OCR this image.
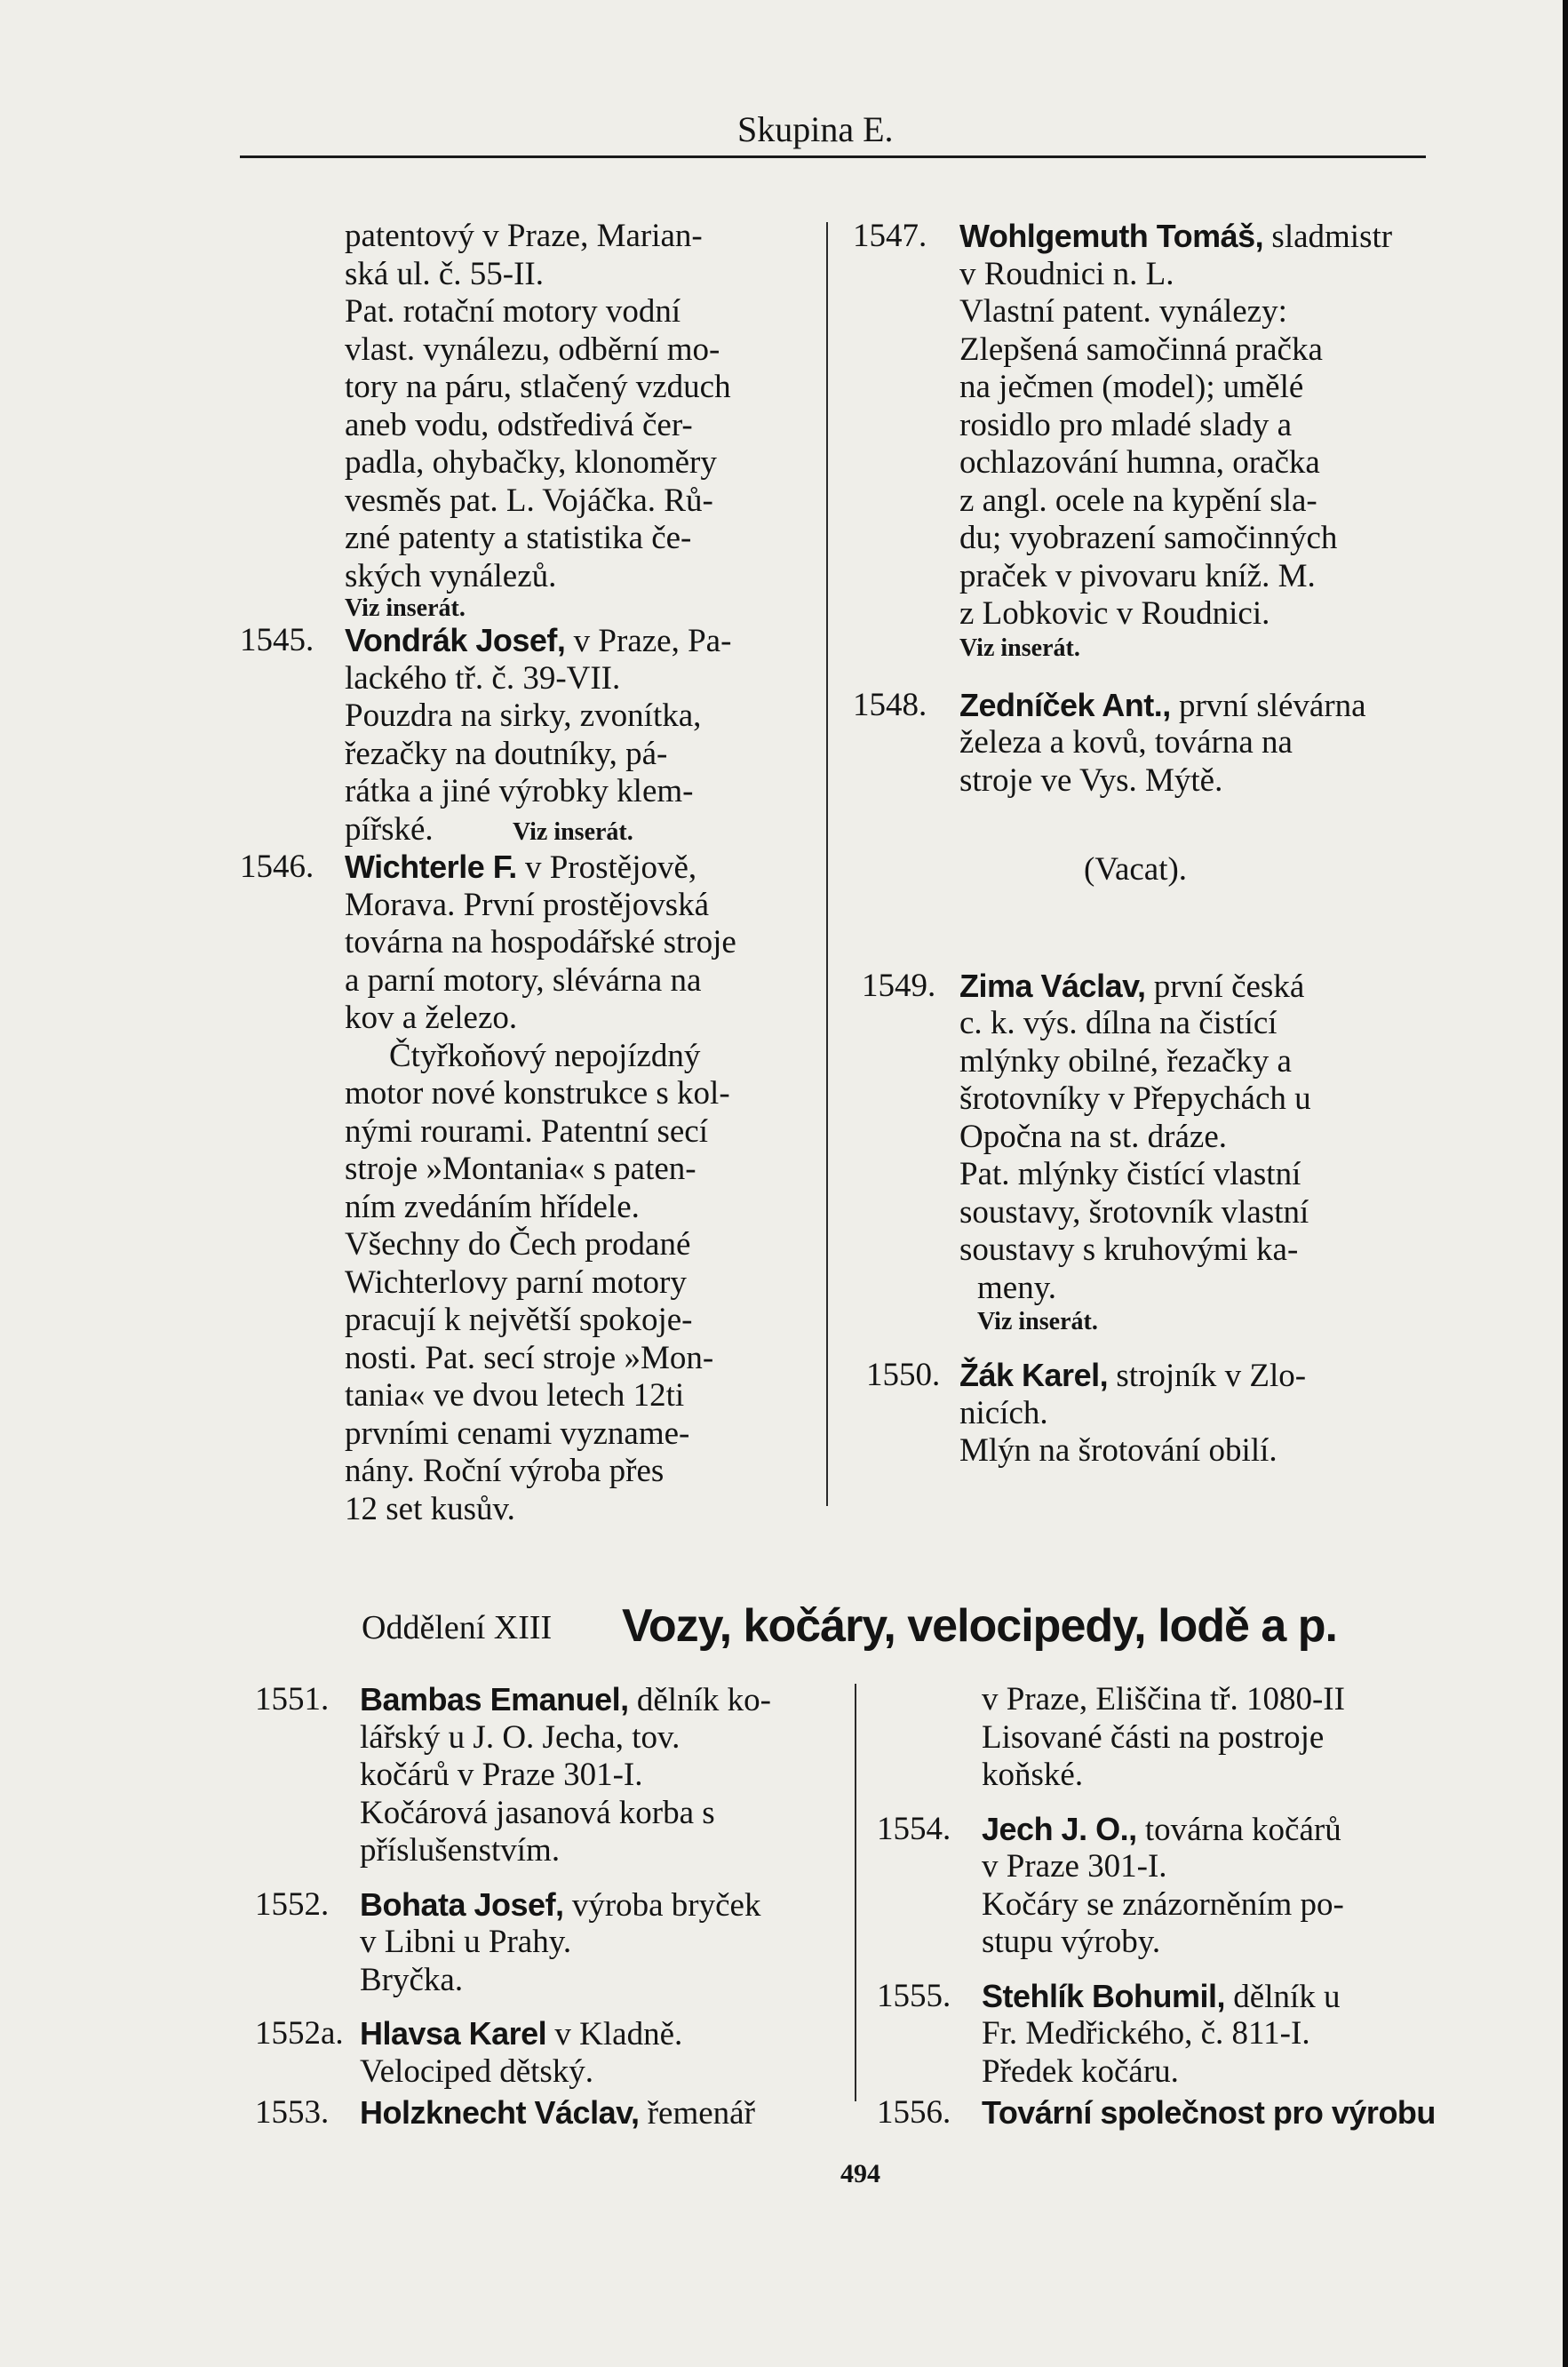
Skupina E.
patentový v Praze, Marian-
ská ul. č. 55-II.
Pat. rotační motory vodní
vlast. vynálezu, odběrní mo-
tory na páru, stlačený vzduch
aneb vodu, odstředivá čer-
padla, ohybačky, klonoměry
vesměs pat. L. Vojáčka. Rů-
zné patenty a statistika če-
ských vynálezů.
Viz inserát.
1545. Vondrák Josef, v Praze, Pa-
lackého tř. č. 39-VII.
Pouzdra na sirky, zvonítka,
řezačky na doutníky, pá-
rátka a jiné výrobky klem-
pířské.	Viz inserát.
1546. Wichterle F. v Prostějově,
Morava. První prostějovská
továrna na hospodářské stroje
a parní motory, slévárna na
kov a železo.
Čtyřkoňový nepojízdný
motor nové konstrukce s kol-
nými rourami. Patentní secí
stroje »Montania« s paten-
ním zvedáním hřídele.
Všechny do Čech prodané
Wichterlovy parní motory
pracují k největší spokoje-
nosti. Pat. secí stroje »Mon-
tania« ve dvou letech 12ti
prvními cenami vyzname-
nány. Roční výroba přes
12 set kusův.
1547. Wohlgemuth Tomáš, sladmistr
v Roudnici n. L.
Vlastní patent. vynálezy:
Zlepšená samočinná pračka
na ječmen (model); umělé
rosidlo pro mladé slady a
ochlazování humna, oračka
z angl. ocele na kypění sla-
du; vyobrazení samočinných
praček v pivovaru kníž. M.
z Lobkovic v Roudnici.
Viz inserát.
1548. Zedníček Ant., první slévárna
železa a kovů, továrna na
stroje ve Vys. Mýtě.
(Vacat).
1549. Zima Václav, první česká
c. k. výs. dílna na čistící
mlýnky obilné, řezačky a
šrotovníky v Přepychách u
Opočna na st. dráze.
Pat. mlýnky čistící vlastní
soustavy, šrotovník vlastní
soustavy s kruhovými ka-
meny.
Viz inserát.
1550. Žák Karel, strojník v Zlo-
nicích.
Mlýn na šrotování obilí.
Oddělení XIII Vozy, kočáry, velocipedy, lodě a p.
1551. Bambas Emanuel, dělník ko-
lářský u J. O. Jecha, tov.
kočárů v Praze 301-I.
Kočárová jasanová korba s
příslušenstvím.
1552. Bohata Josef, výroba bryček
v Libni u Prahy.
Bryčka.
1552a. Hlavsa Karel v Kladně.
Velociped dětský.
1553. Holzknecht Václav, řemenář
v Praze, Eliščina tř. 1080-II
Lisované části na postroje
koňské.
1554. Jech J. O., továrna kočárů
v Praze 301-I.
Kočáry se znázorněním po-
stupu výroby.
1555. Stehlík Bohumil, dělník u
Fr. Medřického, č. 811-I.
Předek kočáru.
1556. Tovární společnost pro výrobu
494
